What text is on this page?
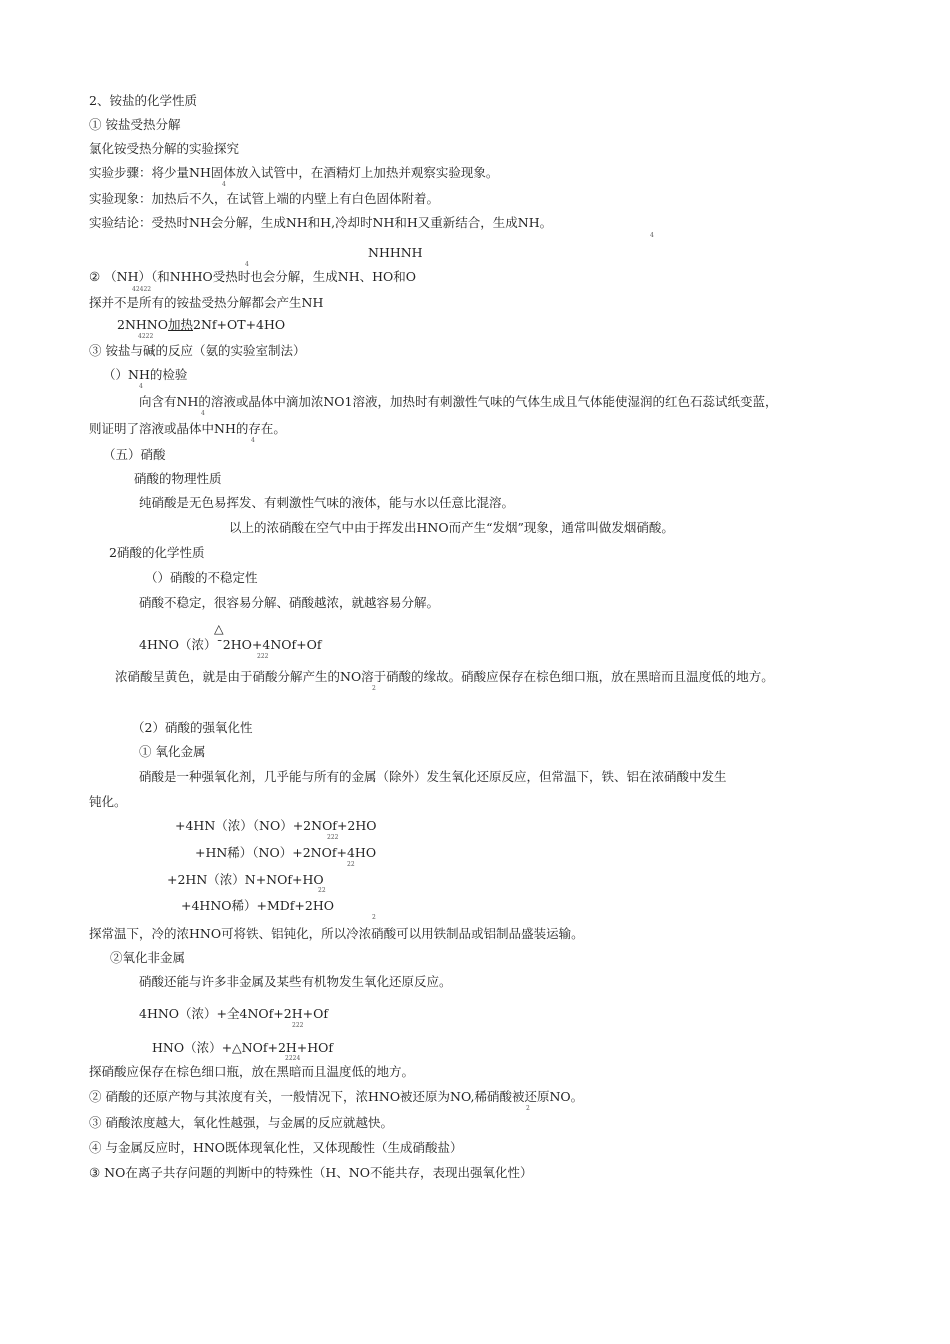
2、铵盐的化学性质
① 铵盐受热分解
氯化铵受热分解的实验探究
实验步骤：将少量NH固体放入试管中，在酒精灯上加热并观察实验现象。
4
实验现象：加热后不久，在试管上端的内壁上有白色固体附着。
实验结论：受热时NH会分解，生成NH和H,冷却时NH和H又重新结合，生成NH。
4
NHHNH
4
② （NH）（和NHHO受热时也会分解，生成NH、HO和O
42422
探并不是所有的铵盐受热分解都会产生NH
2NHNO加热2Nf+OT+4HO
4222
③ 铵盐与碱的反应（氨的实验室制法）
（）NH的检验
4
向含有NH的溶液或晶体中滴加浓NO1溶液，加热时有刺激性气味的气体生成且气体能使湿润的红色石蕊试纸变蓝，
4
则证明了溶液或晶体中NH的存在。
4
（五）硝酸
硝酸的物理性质
纯硝酸是无色易挥发、有刺激性气味的液体，能与水以任意比混溶。
以上的浓硝酸在空气中由于挥发出HNO而产生“发烟”现象，通常叫做发烟硝酸。
2硝酸的化学性质
（）硝酸的不稳定性
硝酸不稳定，很容易分解、硝酸越浓，就越容易分解。
△
4HNO（浓）ˉ2HO+4NOf+Of
222
浓硝酸呈黄色，就是由于硝酸分解产生的NO溶于硝酸的缘故。硝酸应保存在棕色细口瓶，放在黑暗而且温度低的地方。
2
（2）硝酸的强氧化性
① 氧化金属
硝酸是一种强氧化剂，几乎能与所有的金属（除外）发生氧化还原反应，但常温下，铁、铝在浓硝酸中发生
钝化。
+4HN（浓）（NO）+2NOf+2HO
222
+HN稀）（NO）+2NOf+4HO
22
+2HN（浓）N+NOf+HO
22
+4HNO稀）+MDf+2HO
2
探常温下，冷的浓HNO可将铁、铝钝化，所以冷浓硝酸可以用铁制品或铝制品盛装运输。
②氧化非金属
硝酸还能与许多非金属及某些有机物发生氧化还原反应。
4HNO（浓）+全4NOf+2H+Of
222
HNO（浓）+△NOf+2H+HOf
2224
探硝酸应保存在棕色细口瓶，放在黑暗而且温度低的地方。
② 硝酸的还原产物与其浓度有关，一般情况下，浓HNO被还原为NO,稀硝酸被还原NO。
2
③ 硝酸浓度越大，氧化性越强，与金属的反应就越快。
④ 与金属反应时，HNO既体现氧化性，又体现酸性（生成硝酸盐）
③ NO在离子共存问题的判断中的特殊性（H、NO不能共存，表现出强氧化性）
